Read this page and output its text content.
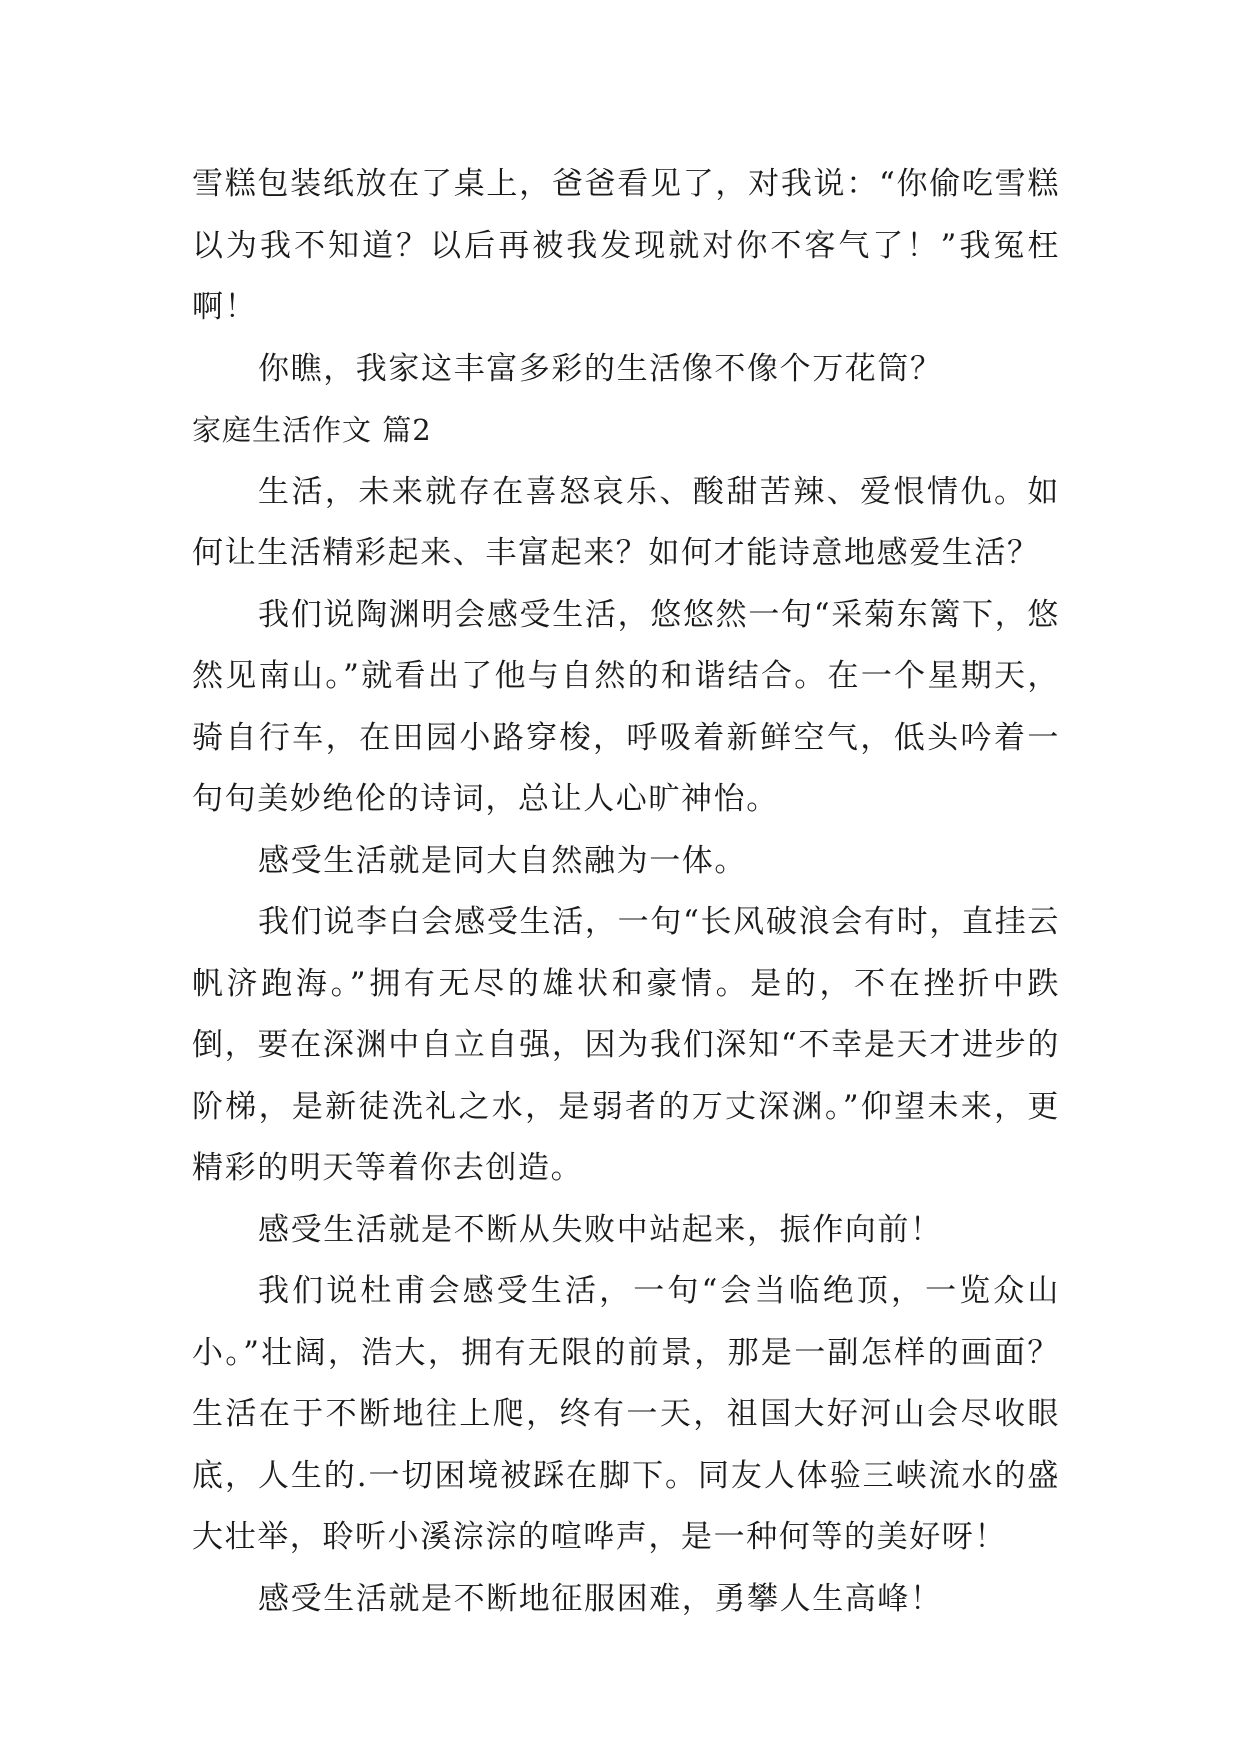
雪糕包装纸放在了桌上，爸爸看见了，对我说：“你偷吃雪糕以为我不知道？以后再被我发现就对你不客气了！”我冤枉啊！

你瞧，我家这丰富多彩的生活像不像个万花筒？

家庭生活作文 篇2

生活，未来就存在喜怒哀乐、酸甜苦辣、爱恨情仇。如何让生活精彩起来、丰富起来？如何才能诗意地感爱生活？

我们说陶渊明会感受生活，悠悠然一句“采菊东篱下，悠然见南山。”就看出了他与自然的和谐结合。在一个星期天，骑自行车，在田园小路穿梭，呼吸着新鲜空气，低头吟着一句句美妙绝伦的诗词，总让人心旷神怡。

感受生活就是同大自然融为一体。

我们说李白会感受生活，一句“长风破浪会有时，直挂云帆济跑海。”拥有无尽的雄状和豪情。是的，不在挫折中跌倒，要在深渊中自立自强，因为我们深知“不幸是天才进步的阶梯，是新徒洗礼之水，是弱者的万丈深渊。”仰望未来，更精彩的明天等着你去创造。

感受生活就是不断从失败中站起来，振作向前！

我们说杜甫会感受生活，一句“会当临绝顶，一览众山小。”壮阔，浩大，拥有无限的前景，那是一副怎样的画面？生活在于不断地往上爬，终有一天，祖国大好河山会尽收眼底，人生的.一切困境被踩在脚下。同友人体验三峡流水的盛大壮举，聆听小溪淙淙的喧哗声，是一种何等的美好呀！

感受生活就是不断地征服困难，勇攀人生高峰！
